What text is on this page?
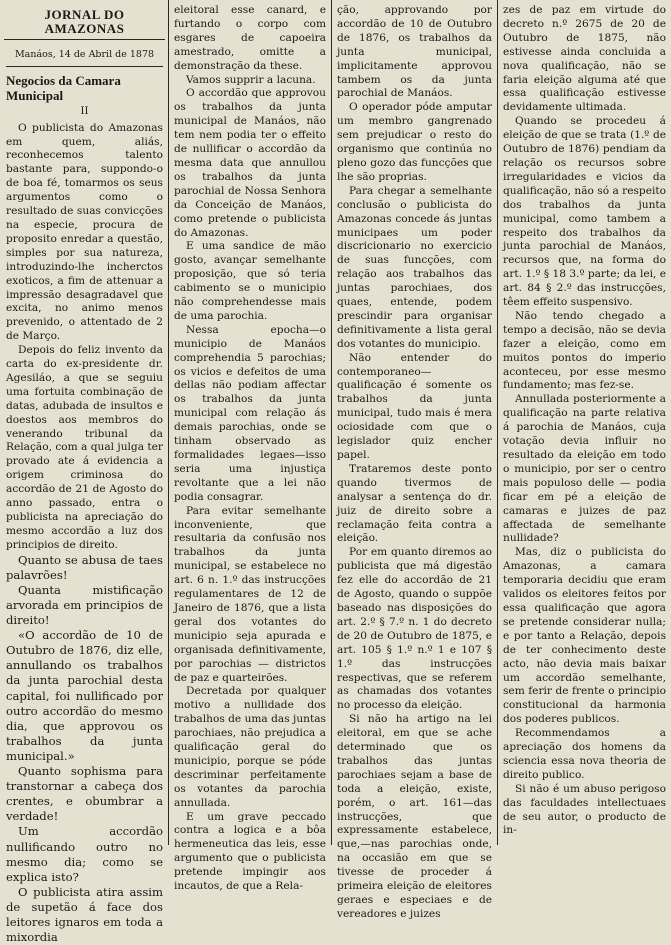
JORNAL DO AMAZONAS
Manáos, 14 de Abril de 1878
Negocios da Camara Municipal
II

O publicista do Amazonas em quem, aliás, reconhecemos talento bastante para, suppondo-o de boa fé, tomarmos os seus argumentos como o resultado de suas convicções na especie, procura de proposito enredar a questão, simples por sua natureza, introduzindo-lhe incherctos exoticos, a fim de attenuar a impressão desagradavel que excita, no animo menos prevenido, o attentado de 2 de Março.

Depois do feliz invento da carta do ex-presidente dr. Agesiláo, a que se seguiu uma fortuita combinação de datas, adubada de insultos e doestos aos membros do venerando tribunal da Relação, com a qual julga ter provado ate á evidencia a origem criminosa do accordão de 21 de Agosto do anno passado, entra o publicista na apreciação do mesmo accordão a luz dos principios de direito.

Quanto se abusa de taes palavrões!

Quanta mistificação arvorada em principios de direito!

«O accordão de 10 de Outubro de 1876, diz elle, annullando os trabalhos da junta parochial desta capital, foi nullificado por outro accordão do mesmo dia, que approvou os trabalhos da junta municipal.»

Quanto sophisma para transtornar a cabeça dos crentes, e obumbrar a verdade!

Um accordão nullificando outro no mesmo dia; como se explica isto?

O publicista atira assim de supetão á face dos leitores ignaros em toda a mixordia

eleitoral esse canard, e furtando o corpo com esgares de capoeira amestrado, omitte a demonstração da these.

Vamos supprir a lacuna.

O accordão que approvou os trabalhos da junta municipal de Manáos, não tem nem podia ter o effeito de nullificar o accordão da mesma data que annullou os trabalhos da junta parochial de Nossa Senhora da Conceição de Manáos, como pretende o publicista do Amazonas.

E uma sandice de mão gosto, avançar semelhante proposição, que só teria cabimento se o municipio não comprehendesse mais de uma parochia.

Nessa epocha—o municipio de Manáos comprehendia 5 parochias; os vicios e defeitos de uma dellas não podiam affectar os trabalhos da junta municipal com relação ás demais parochias, onde se tinham observado as formalidades legaes—isso seria uma injustiça revoltante que a lei não podia consagrar.

Para evitar semelhante inconveniente, que resultaria da confusão nos trabalhos da junta municipal, se estabelece no art. 6 n. 1.º das instrucções regulamentares de 12 de Janeiro de 1876, que a lista geral dos votantes do municipio seja apurada e organisada definitivamente, por parochias — districtos de paz e quarteirões.

Decretada por qualquer motivo a nullidade dos trabalhos de uma das juntas parochiaes, não prejudica a qualificação geral do municipio, porque se póde descriminar perfeitamente os votantes da parochia annullada.

E um grave peccado contra a logica e a bôa hermeneutica das leis, esse argumento que o publicista pretende impingir aos incautos, de que a Rela-

ção, approvando por accordão de 10 de Outubro de 1876, os trabalhos da junta municipal, implicitamente approvou tambem os da junta parochial de Manáos.

O operador póde amputar um membro gangrenado sem prejudicar o resto do organismo que continúa no pleno gozo das funcções que lhe são proprias.

Para chegar a semelhante conclusão o publicista do Amazonas concede ás juntas municipaes um poder discricionario no exercicio de suas funcções, com relação aos trabalhos das juntas parochiaes, dos quaes, entende, podem prescindir para organisar definitivamente a lista geral dos votantes do municipio.

Não entender do contemporaneo—qualificação é somente os trabalhos da junta municipal, tudo mais é mera ociosidade com que o legislador quiz encher papel.

Trataremos deste ponto quando tivermos de analysar a sentença do dr. juiz de direito sobre a reclamação feita contra a eleição.

Por em quanto diremos ao publicista que má digestão fez elle do accordão de 21 de Agosto, quando o suppõe baseado nas disposições do art. 2.º § 7.º n. 1 do decreto de 20 de Outubro de 1875, e art. 105 § 1.º n.º 1 e 107 § 1.º das instrucções respectivas, que se referem as chamadas dos votantes no processo da eleição.

Si não ha artigo na lei eleitoral, em que se ache determinado que os trabalhos das juntas parochiaes sejam a base de toda a eleição, existe, porém, o art. 161—das instrucções, que expressamente estabelece, que,—nas parochias onde, na occasião em que se tivesse de proceder á primeira eleição de eleitores geraes e especiaes e de vereadores e juizes

zes de paz em virtude do decreto n.º 2675 de 20 de Outubro de 1875, não estivesse ainda concluida a nova qualificação, não se faria eleição alguma até que essa qualificação estivesse devidamente ultimada.

Quando se procedeu á eleição de que se trata (1.º de Outubro de 1876) pendiam da relação os recursos sobre irregularidades e vicios da qualificação, não só a respeito dos trabalhos da junta municipal, como tambem a respeito dos trabalhos da junta parochial de Manáos, recursos que, na forma do art. 1.º § 18 3.º parte; da lei, e art. 84 § 2.º das instrucções, têem effeito suspensivo.

Não tendo chegado a tempo a decisão, não se devia fazer a eleição, como em muitos pontos do imperio aconteceu, por esse mesmo fundamento; mas fez-se.

Annullada posteriormente a qualificação na parte relativa á parochia de Manáos, cuja votação devia influir no resultado da eleição em todo o municipio, por ser o centro mais populoso delle — podia ficar em pé a eleição de camaras e juizes de paz affectada de semelhante nullidade?

Mas, diz o publicista do Amazonas, a camara temporaria decidiu que eram validos os eleitores feitos por essa qualificação que agora se pretende considerar nulla; e por tanto a Relação, depois de ter conhecimento deste acto, não devia mais baixar um accordão semelhante, sem ferir de frente o principio constitucional da harmonia dos poderes publicos.

Recommendamos a apreciação dos homens da sciencia essa nova theoria de direito publico.

Si não é um abuso perigoso das faculdades intellectuaes de seu autor, o producto de in-
